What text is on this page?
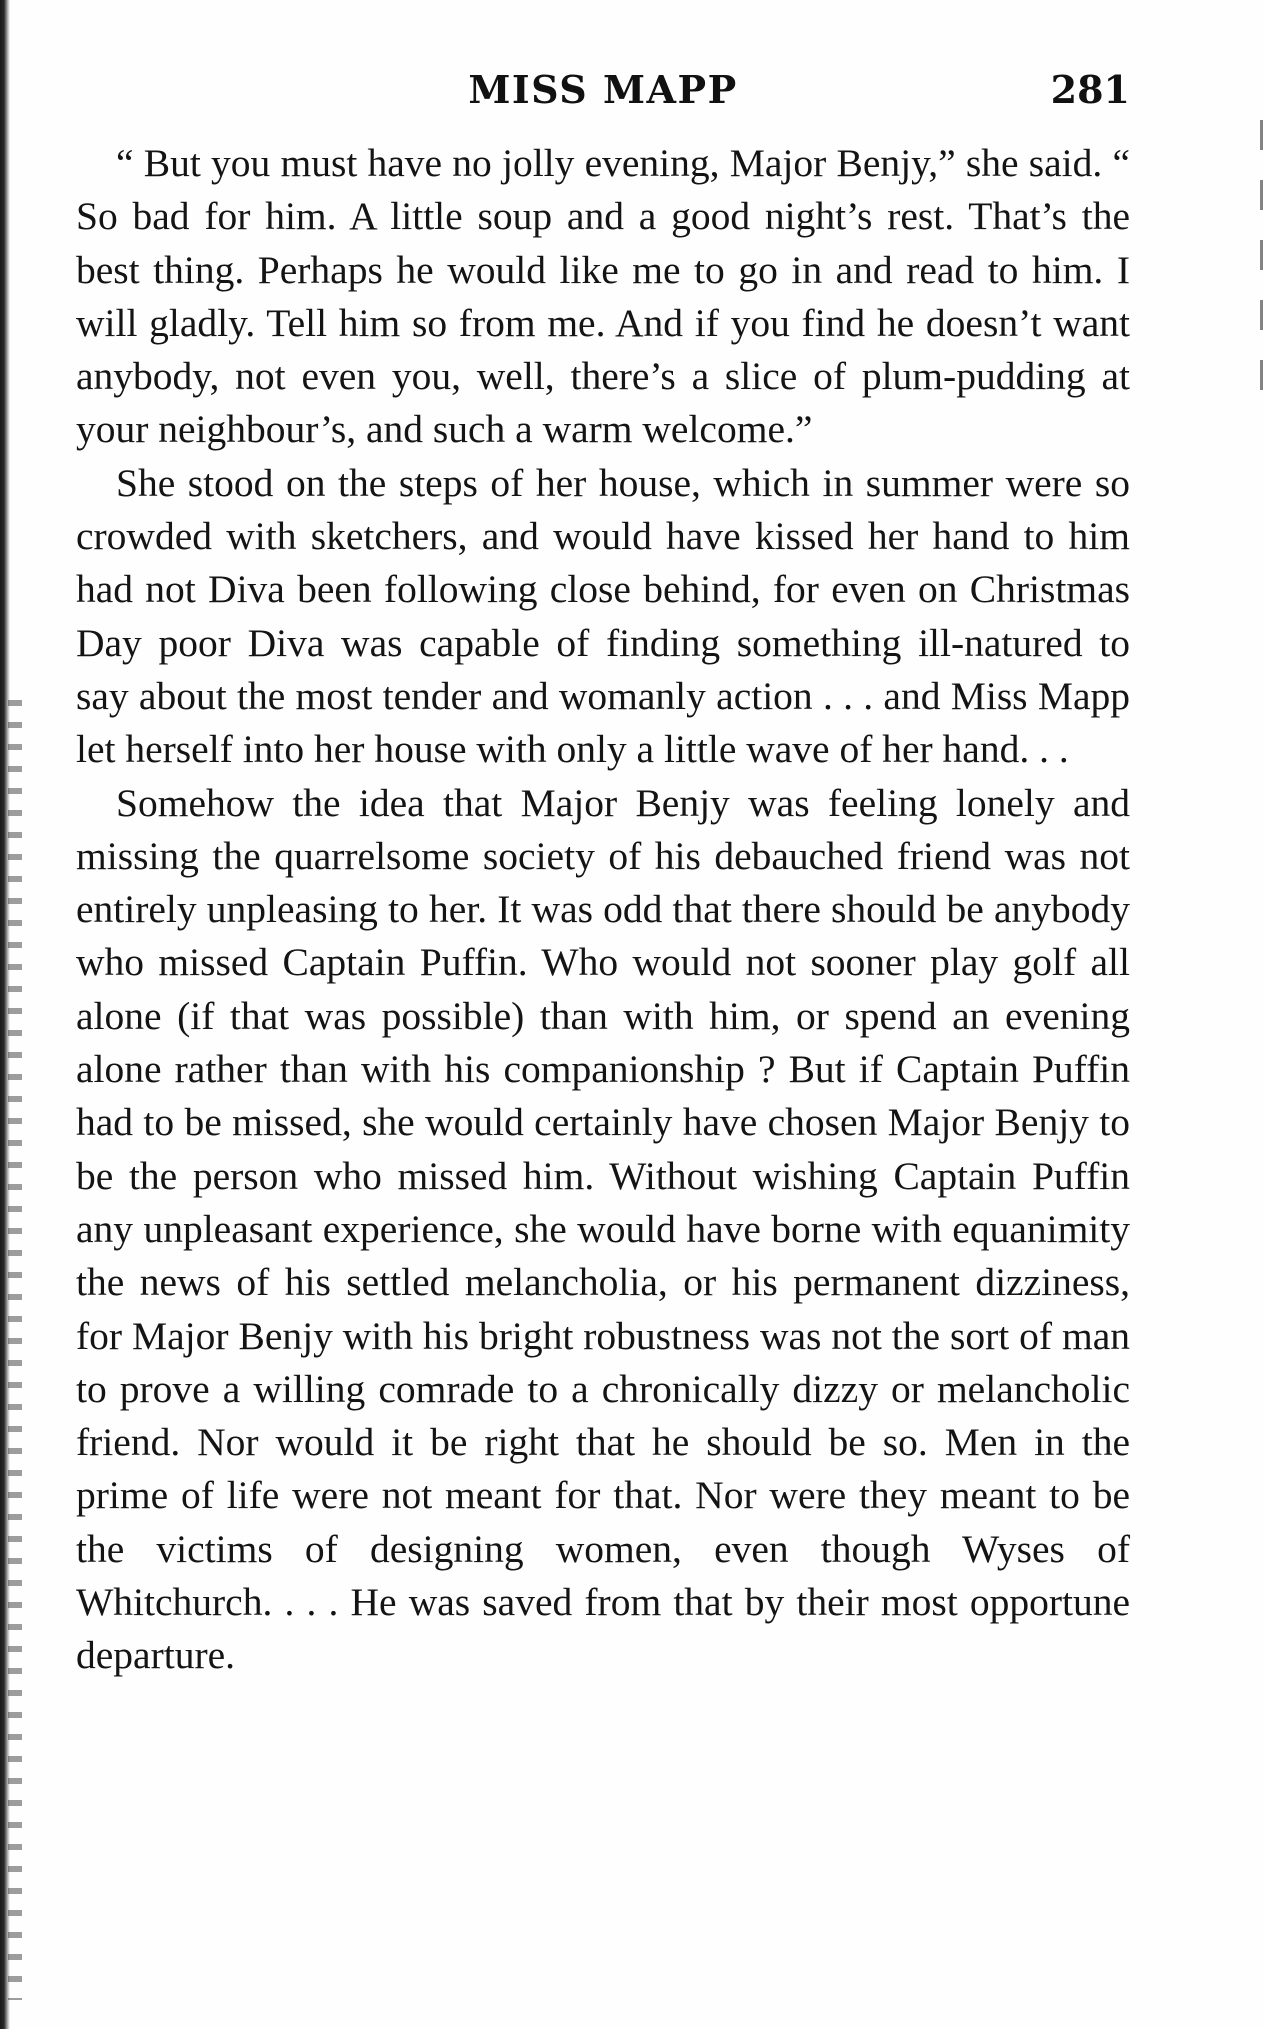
MISS MAPP	281

“ But you must have no jolly evening, Major Benjy,” she said. “ So bad for him. A little soup and a good night’s rest. That’s the best thing. Perhaps he would like me to go in and read to him. I will gladly. Tell him so from me. And if you find he doesn’t want anybody, not even you, well, there’s a slice of plum-pudding at your neighbour’s, and such a warm welcome.”

She stood on the steps of her house, which in summer were so crowded with sketchers, and would have kissed her hand to him had not Diva been following close behind, for even on Christmas Day poor Diva was capable of finding something ill-natured to say about the most tender and womanly action . . . and Miss Mapp let herself into her house with only a little wave of her hand. . .

Somehow the idea that Major Benjy was feeling lonely and missing the quarrelsome society of his debauched friend was not entirely unpleasing to her. It was odd that there should be anybody who missed Captain Puffin. Who would not sooner play golf all alone (if that was possible) than with him, or spend an evening alone rather than with his companionship ? But if Captain Puffin had to be missed, she would certainly have chosen Major Benjy to be the person who missed him. Without wishing Captain Puffin any unpleasant experience, she would have borne with equanimity the news of his settled melancholia, or his permanent dizziness, for Major Benjy with his bright robustness was not the sort of man to prove a willing comrade to a chronically dizzy or melancholic friend. Nor would it be right that he should be so. Men in the prime of life were not meant for that. Nor were they meant to be the victims of designing women, even though Wyses of Whitchurch. . . . He was saved from that by their most opportune departure.
